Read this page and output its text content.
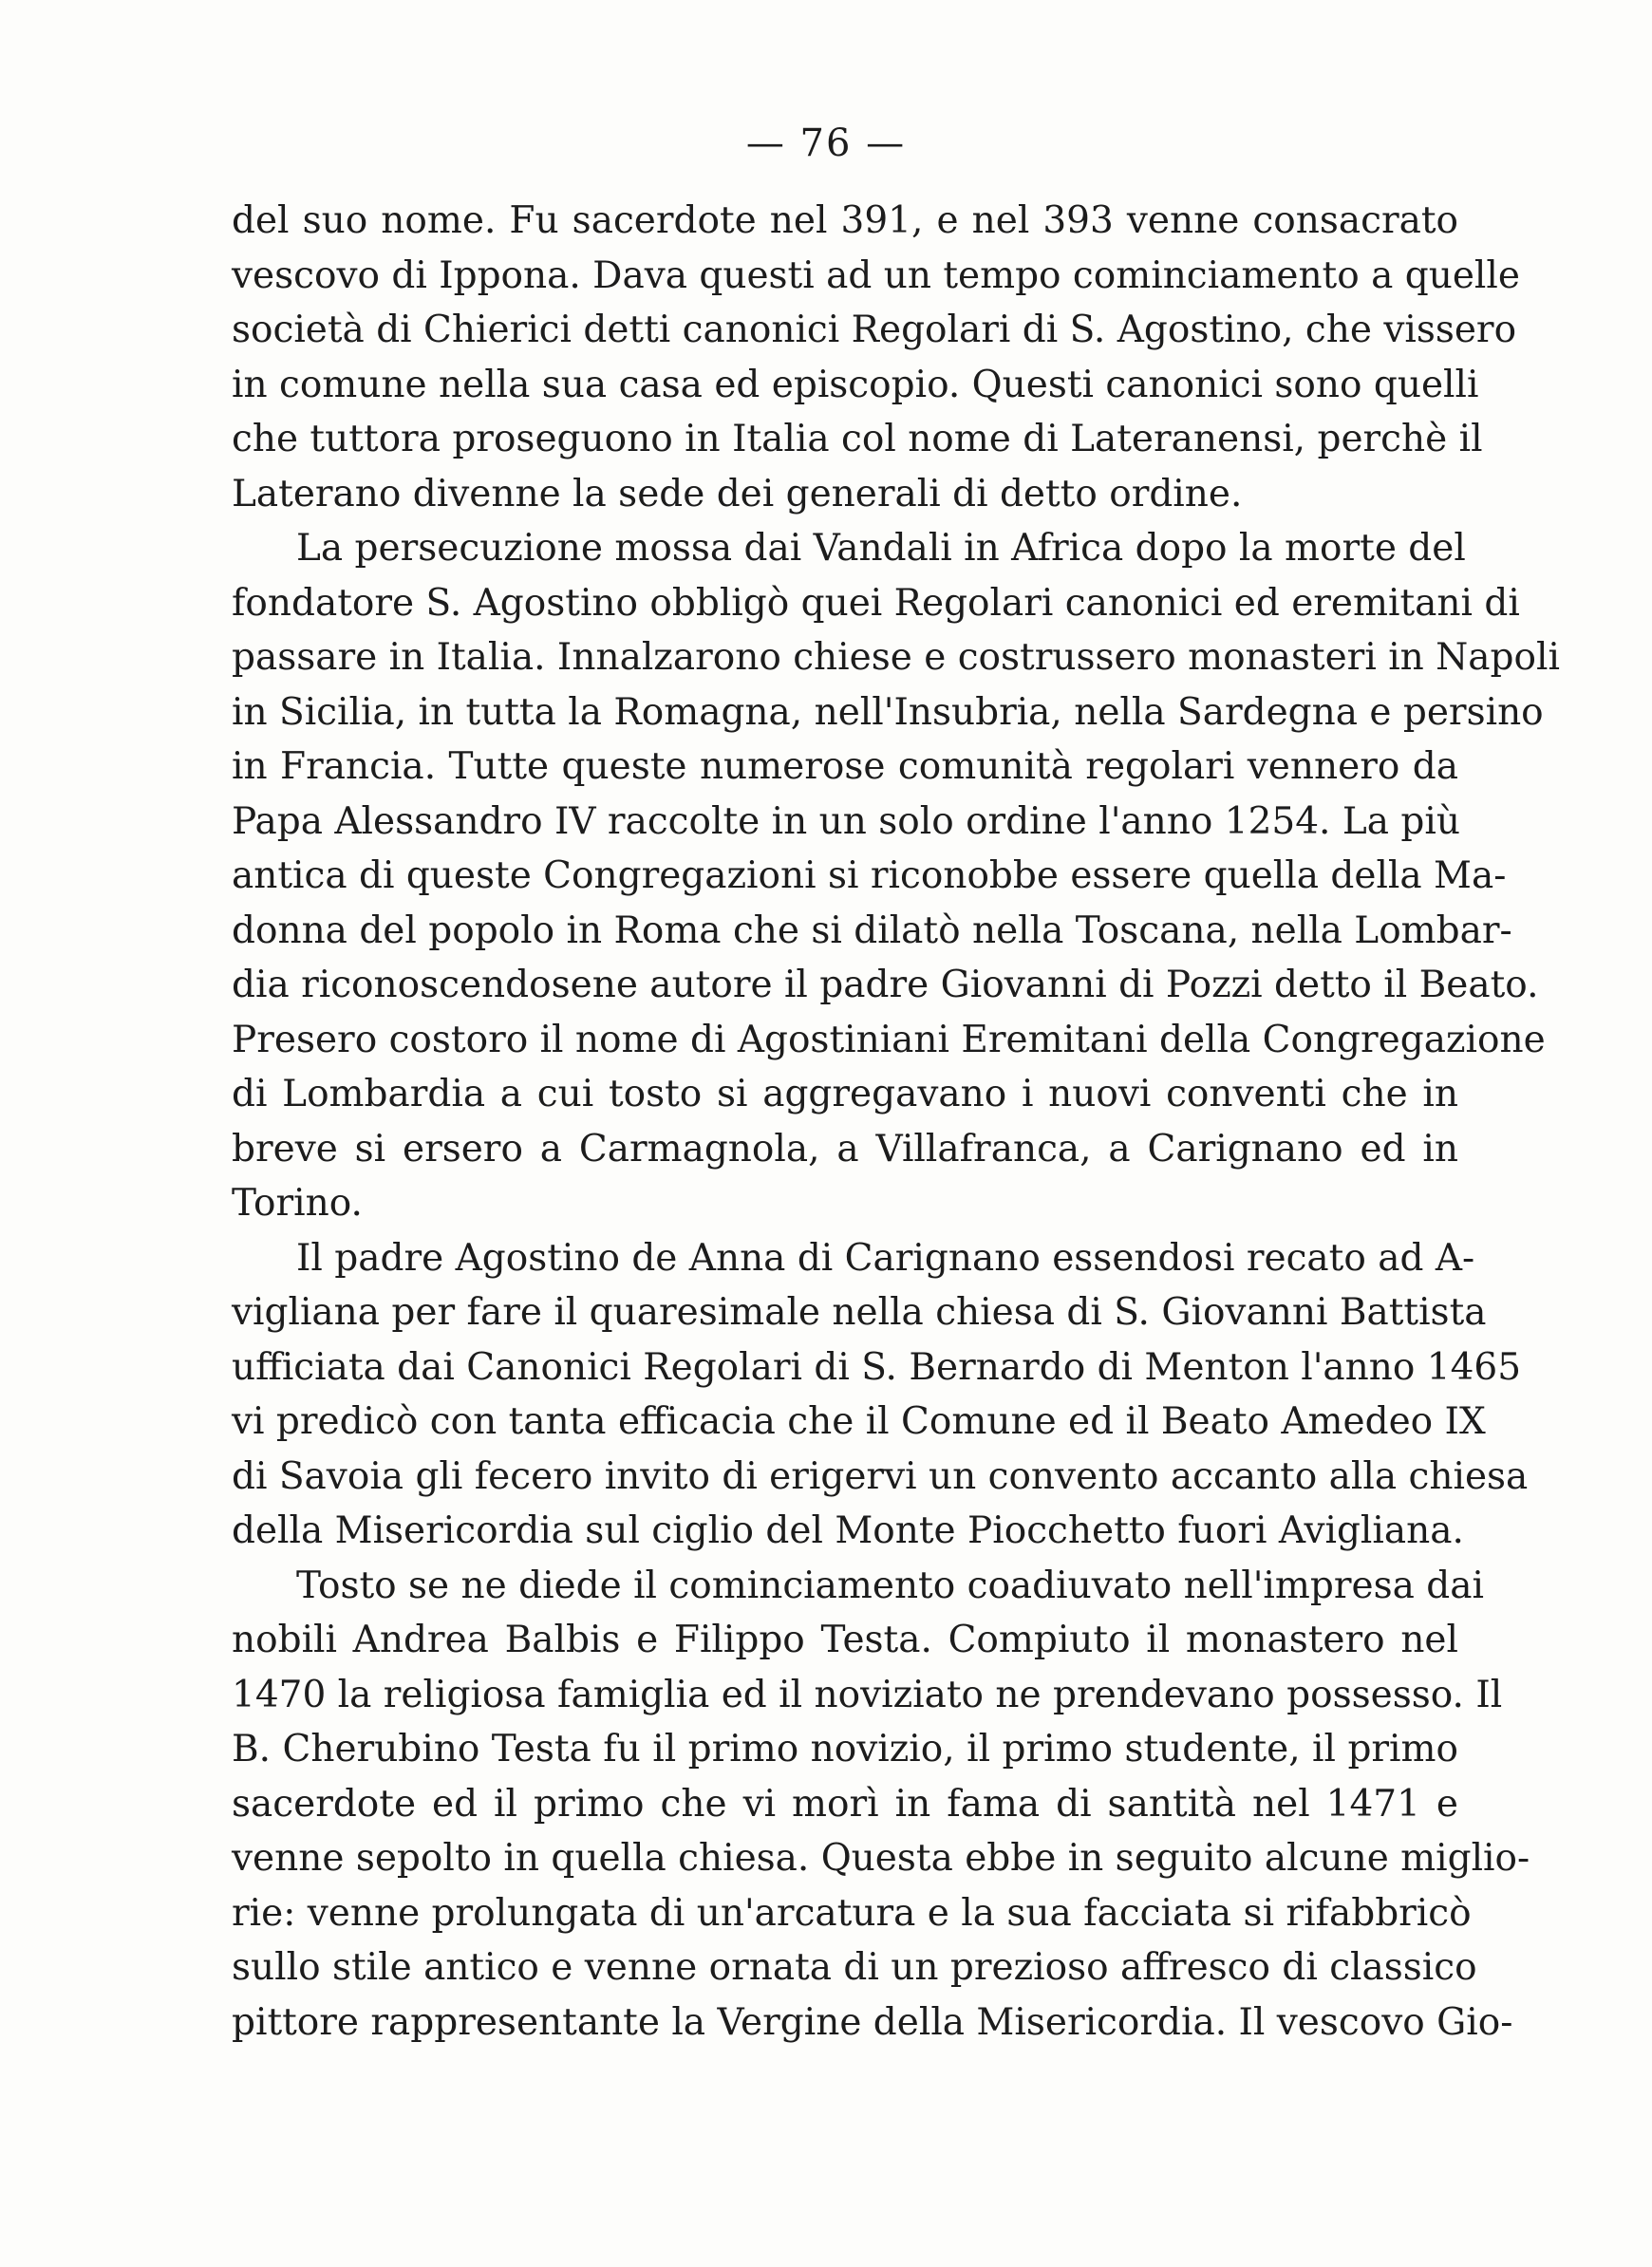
— 76 —
del suo nome. Fu sacerdote nel 391, e nel 393 venne consacrato
vescovo di Ippona. Dava questi ad un tempo cominciamento a quelle
società di Chierici detti canonici Regolari di S. Agostino, che vissero
in comune nella sua casa ed episcopio. Questi canonici sono quelli
che tuttora proseguono in Italia col nome di Lateranensi, perchè il
Laterano divenne la sede dei generali di detto ordine.
La persecuzione mossa dai Vandali in Africa dopo la morte del
fondatore S. Agostino obbligò quei Regolari canonici ed eremitani di
passare in Italia. Innalzarono chiese e costrussero monasteri in Napoli
in Sicilia, in tutta la Romagna, nell'Insubria, nella Sardegna e persino
in Francia. Tutte queste numerose comunità regolari vennero da
Papa Alessandro IV raccolte in un solo ordine l'anno 1254. La più
antica di queste Congregazioni si riconobbe essere quella della Ma-
donna del popolo in Roma che si dilatò nella Toscana, nella Lombar-
dia riconoscendosene autore il padre Giovanni di Pozzi detto il Beato.
Presero costoro il nome di Agostiniani Eremitani della Congregazione
di Lombardia a cui tosto si aggregavano i nuovi conventi che in
breve si ersero a Carmagnola, a Villafranca, a Carignano ed in
Torino.
Il padre Agostino de Anna di Carignano essendosi recato ad A-
vigliana per fare il quaresimale nella chiesa di S. Giovanni Battista
ufficiata dai Canonici Regolari di S. Bernardo di Menton l'anno 1465
vi predicò con tanta efficacia che il Comune ed il Beato Amedeo IX
di Savoia gli fecero invito di erigervi un convento accanto alla chiesa
della Misericordia sul ciglio del Monte Piocchetto fuori Avigliana.
Tosto se ne diede il cominciamento coadiuvato nell'impresa dai
nobili Andrea Balbis e Filippo Testa. Compiuto il monastero nel
1470 la religiosa famiglia ed il noviziato ne prendevano possesso. Il
B. Cherubino Testa fu il primo novizio, il primo studente, il primo
sacerdote ed il primo che vi morì in fama di santità nel 1471 e
venne sepolto in quella chiesa. Questa ebbe in seguito alcune miglio-
rie: venne prolungata di un'arcatura e la sua facciata si rifabbricò
sullo stile antico e venne ornata di un prezioso affresco di classico
pittore rappresentante la Vergine della Misericordia. Il vescovo Gio-
